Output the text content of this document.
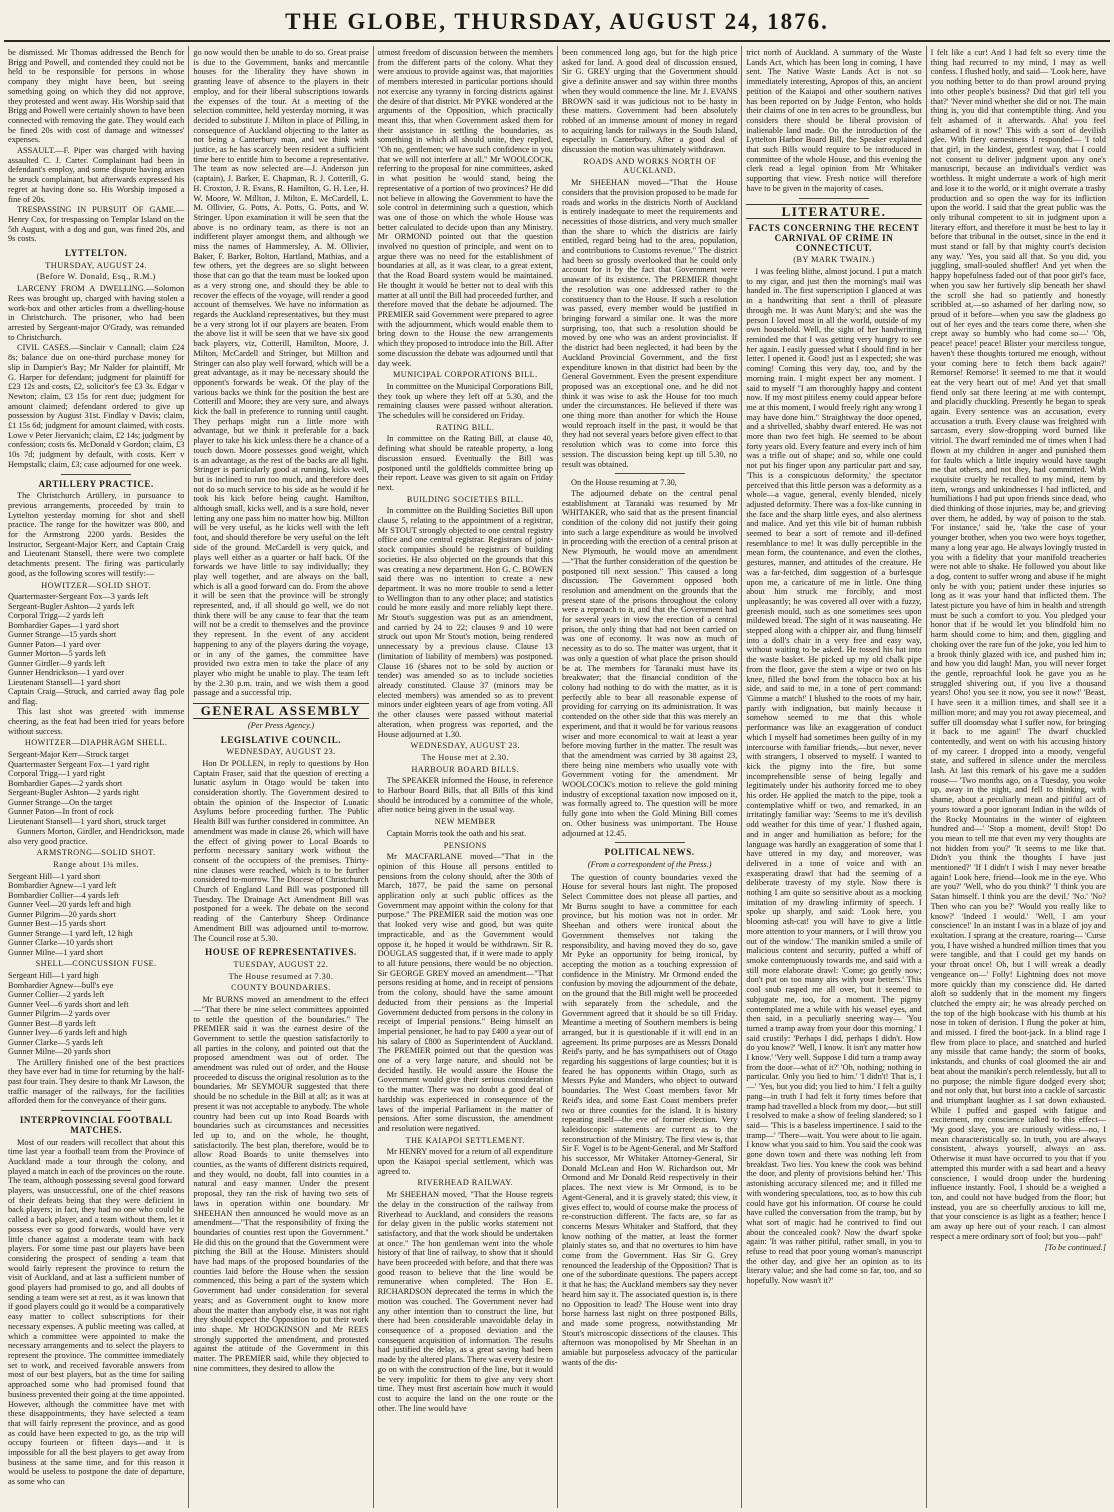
THE GLOBE, THURSDAY, AUGUST 24, 1876.

be dismissed. Mr Thomas addressed the Bench for Brigg and Powell, and contended they could not be held to be responsible for persons in whose company they might have been, but seeing something going on which they did not approve, they protested and went away. His Worship said that Brigg and Powell were certainly shown to have been connected with removing the gate. They would each be fined 20s with cost of damage and witnesses' expenses.

ASSAULT.—F. Piper was charged with having assaulted C. J. Carter. Complainant had been in defendant's employ, and some dispute having arisen he struck complainant, but afterwards expressed his regret at having done so. His Worship imposed a fine of 20s.

TRESPASSING IN PURSUIT OF GAME.—Henry Cox, for trespassing on Templar Island on the 5th August, with a dog and gun, was fined 20s, and 9s costs.

LYTTELTON.
THURSDAY, AUGUST 24.
(Before W. Donald, Esq., R.M.)

LARCENY FROM A DWELLING.—Solomon Rees was brought up, charged with having stolen a work-box and other articles from a dwelling-house in Christchurch. The prisoner, who had been arrested by Sergeant-major O'Grady, was remanded to Christchurch.

CIVIL CASES.—Sinclair v Cannall; claim £24 8s; balance due on one-third purchase money for slip in Dampier's Bay; Mr Nalder for plaintiff, Mr G. Harper for defendant; judgment for plaintiff for £23 12s and costs, £2, solicitor's fee £3 3s. Edgar v Newton; claim, £3 15s for rent due; judgment for amount claimed; defendant ordered to give up possession by August 31st. Findlay v Davis; claim, £1 15s 6d; judgment for amount claimed, with costs. Lowe v Peter Jiervanich; claim, £2 14s; judgment by confession; costs 6s. McDonald v Gordon; claim, £3 10s 7d; judgment by default, with costs. Kerr v Hempstalk; claim, £3; case adjourned for one week.

ARTILLERY PRACTICE.

The Christchurch Artillery, in pursuance to previous arrangements, proceeded by train to Lyttelton yesterday morning for shot and shell practice. The range for the howitzer was 800, and for the Armstrong 2200 yards. Besides the Instructor, Sergeant-Major Kerr, and Captain Craig and Lieutenant Stansell, there were two complete detachments present. The firing was particularly good, as the following scores will testify:—

HOWITZER—SOLID SHOT.

Quartermaster-Sergeant Fox—3 yards left
Sergeant-Bugler Ashton—2 yards left
Corporal Trigg—2 yards left
Bombardier Gapes—1 yard short
Gunner Strange—15 yards short
Gunner Paton—1 yard over
Gunner Morton—5 yards left
Gunner Girdler—9 yards left
Gunner Hendrickson—1 yard over
Lieutenant Stansell—1 yard short
Captain Craig—Struck, and carried away flag pole and flag.

This last shot was greeted with immense cheering, as the feat had been tried for years before without success.

HOWITZER—DIAPHRAGM SHELL.

Sergeant-Major Kerr—Struck target
Quartermaster Sergeant Fox—1 yard right
Corporal Trigg—1 yard right
Bombardier Gapes—2 yards short
Sergeant-Bugler Ashton—2 yards right
Gunner Strange—On the target
Gunner Paton—In front of rock
Lieutenant Stansell—1 yard short, struck target

Gunners Morton, Girdler, and Hendrickson, made also very good practice.

ARMSTRONG—SOLID SHOT.
Range about 1¼ miles.

Sergeant Hill—1 yard short
Bombardier Agnew—1 yard left
Bombardier Collier—4 yards left
Gunner Veel—20 yards left and high
Gunner Pilgrim—20 yards short
Gunner Best—15 yards short
Gunner Strange—1 yard left, 12 high
Gunner Clarke—10 yards short
Gunner Milne—1 yard short

SHELL—CONCUSSION FUSE.

Sergeant Hill—1 yard high
Bombardier Agnew—bull's eye
Gunner Collier—2 yards left
Gunner Veel—6 yards short and left
Gunner Pilgrim—2 yards over
Gunner Best—8 yards left
Gunner Ivey—6 yards left and high
Gunner Clarke—5 yards left
Gunner Milne—20 yards short

The Artillery finished one of the best practices they have ever had in time for returning by the half-past four train. They desire to thank Mr Lawson, the traffic manager of the railways, for the facilities afforded them for the conveyance of their guns.

INTERPROVINCIAL FOOTBALL MATCHES.

Most of our readers will recollect that about this time last year a football team from the Province of Auckland made a tour through the colony, and played a match in each of the provinces on the route. The team, although possessing several good forward players, was unsuccessful, one of the chief reasons of their defeats being that they were deficient in back players; in fact, they had no one who could be called a back player, and a team without them, let it possess ever so good forwards, would have very little chance against a moderate team with back players. For some time past our players have been considering the prospect of sending a team that would fairly represent the province to return the visit of Auckland, and at last a sufficient number of good players had promised to go, and all doubts of sending a team were set at rest, as it was known that if good players could go it would be a comparatively easy matter to collect subscriptions for their necessary expenses. A public meeting was called, at which a committee were appointed to make the necessary arrangements and to select the players to represent the province. The committee immediately set to work, and received favorable answers from most of our best players, but as the time for sailing approached some who had promised found that business prevented their going at the time appointed. However, although the committee have met with these disappointments, they have selected a team that will fairly represent the province, and as good as could have been expected to go, as the trip will occupy fourteen or fifteen days—and it is impossible for all the best players to get away from business at the same time, and for this reason it would be useless to postpone the date of departure, as some who can

go now would then be unable to do so. Great praise is due to the Government, banks and mercantile houses for the liberality they have shown in granting leave of absence to the players in their employ, and for their liberal subscriptions towards the expenses of the tour. At a meeting of the selection committee, held yesterday morning, it was decided to substitute J. Milton in place of Pilling, in consequence of Auckland objecting to the latter as not being a Canterbury man, and we think with justice, as he has scarcely been resident a sufficient time here to entitle him to become a representative. The team as now selected are—J. Anderson jun (captain), J. Barker, E. Chapman, R. J. Cotterill, G. H. Croxton, J. R. Evans, R. Hamilton, G. H. Lee, H. W. Moore, W. Millton, J. Milton, E. McCardell, L. M. Ollivier, G. Potts, A. Potts, G. Potts, and W. Stringer. Upon examination it will be seen that the above is no ordinary team, as there is not an indifferent player amongst them, and although we miss the names of Hammersley, A. M. Ollivier, Baker, F. Barker, Bolton, Hartland, Mathias, and a few others, yet the degrees are so slight between those that can go that the team must be looked upon as a very strong one, and should they be able to recover the effects of the voyage, will render a good account of themselves. We have no information as regards the Auckland representatives, but they must be a very strong lot if our players are beaten. From the above list it will be seen that we have six good back players, viz, Cotterill, Hamilton, Moore, J. Milton, McCardell and Stringer, but Millton and Stringer can also play well forward, which will be a great advantage, as it may be necessary should the opponent's forwards be weak. Of the play of the various backs we think for the position the best are Cotterill and Moore; they are very sure, and always kick the ball in preference to running until caught. They perhaps might run a little more with advantage, but we think it preferable for a back player to take his kick unless there be a chance of a touch down. Moore possesses good weight, which is an advantage, as the rest of the backs are all light. Stringer is particularly good at running, kicks well, but is inclined to run too much, and therefore does not do so much service to his side as he would if he took his kick before being caught. Hamilton, although small, kicks well, and is a sure hold, never letting any one pass him no matter how big. Millton will be very useful, as he kicks well with the left foot, and should therefore be very useful on the left side of the ground. McCardell is very quick, and plays well either as a quarter or half back. Of the forwards we have little to say individually; they play well together, and are always on the ball, which is all a good forward can do. From the above it will be seen that the province will be strongly represented, and, if all should go well, we do not think there will be any cause to fear that the team will not be a credit to themselves and the province they represent. In the event of any accident happening to any of the players during the voyage, or in any of the games, the committee have provided two extra men to take the place of any player who might be unable to play. The team left by the 2.30 p.m. train, and we wish them a good passage and a successful trip.

GENERAL ASSEMBLY
(Per Press Agency.)
LEGISLATIVE COUNCIL.
WEDNESDAY, AUGUST 23.

Hon Dr POLLEN, in reply to questions by Hon Captain Fraser, said that the question of erecting a lunatic asylum in Otago would be taken into consideration shortly. The Government desired to obtain the opinion of the Inspector of Lunatic Asylums before proceeding further. The Public Health Bill was further considered in committee. An amendment was made in clause 26, which will have the effect of giving power to Local Boards to perform necessary sanitary work without the consent of the occupiers of the premises. Thirty-nine clauses were reached, which is to be further considered to-morrow. The Diocese of Christchurch Church of England Land Bill was postponed till Tuesday. The Drainage Act Amendment Bill was postponed for a week. The debate on the second reading of the Canterbury Sheep Ordinance Amendment Bill was adjourned until to-morrow. The Council rose at 5.30.

HOUSE OF REPRESENTATIVES.
TUESDAY, AUGUST 22.
The House resumed at 7.30.
COUNTY BOUNDARIES.

Mr BURNS moved an amendment to the effect—"That there be nine select committees appointed to settle the question of the boundaries." The PREMIER said it was the earnest desire of the Government to settle the question satisfactorily to all parties in the colony, and pointed out that the proposed amendment was out of order. The amendment was ruled out of order, and the House proceeded to discuss the original resolution as to the boundaries. Mr SEYMOUR suggested that there should be no schedule in the Bill at all; as it was at present it was not acceptable to anybody. The whole country had been cut up into Road Boards with boundaries such as circumstances and necessities led up to, and on the whole, he thought, satisfactorily. The best plan, therefore, would be to allow Road Boards to unite themselves into counties, as the wants of different districts required, and they would, no doubt, fall into counties in a natural and easy manner. Under the present proposal, they ran the risk of having two sets of laws in operation within one boundary. Mr SHEEHAN then announced he would move as an amendment—"That the responsibility of fixing the boundaries of counties rest upon the Government." He did this on the ground that the Government were pitching the Bill at the House. Ministers should have had maps of the proposed boundaries of the counties laid before the House when the session commenced, this being a part of the system which Government had under consideration for several years; and as Government ought to know more about the matter than anybody else, it was not right they should expect the Opposition to put their work into shape. Mr HODGKINSON and Mr REES strongly supported the amendment, and protested against the attitude of the Government in this matter. The PREMIER said, while they objected to nine committees, they desired to allow the

utmost freedom of discussion between the members from the different parts of the colony. What they were anxious to provide against was, that majorities of members interested in particular portions should not exercise any tyranny in forcing districts against the desire of that district. Mr PYKE wondered at the arguments of the Opposition, which practically meant this, that when Government asked them for their assistance in settling the boundaries, as something in which all should unite, they replied, "Oh no, gentlemen; we have such confidence in you that we will not interfere at all." Mr WOOLCOCK, referring to the proposal for nine committees, asked in what position he would stand, being the representative of a portion of two provinces? He did not believe in allowing the Government to have the sole control in determining such a question, which was one of those on which the whole House was better calculated to decide upon than any Ministry. Mr ORMOND pointed out that the question involved no question of principle, and went on to argue there was no need for the establishment of boundaries at all, as it was clear, to a great extent, that the Road Board system would be maintained. He thought it would be better not to deal with this matter at all until the Bill had proceeded further, and therefore moved that the debate be adjourned. The PREMIER said Government were prepared to agree with the adjournment, which would enable them to bring down to the House the new arrangements which they proposed to introduce into the Bill. After some discussion the debate was adjourned until that day week.

MUNICIPAL CORPORATIONS BILL.

In committee on the Municipal Corporations Bill, they took up where they left off at 5.30, and the remaining clauses were passed without alteration. The schedules will be considered on Friday.

RATING BILL.

In committee on the Rating Bill, at clause 40, defining what should be rateable property, a long discussion ensued. Eventually the Bill was postponed until the goldfields committee bring up their report. Leave was given to sit again on Friday next.

BUILDING SOCIETIES BILL.

In committee on the Building Societies Bill upon clause 5, relating to the appointment of a registrar, Mr STOUT strongly objected to one central registry office and one central registrar. Registrars of joint-stock companies should be registrars of building societies. He also objected on the grounds that this was creating a new department. Hon G. C. BOWEN said there was no intention to create a new department. It was no more trouble to send a letter to Wellington than to any other place; and statistics could be more easily and more reliably kept there. Mr Stout's suggestion was put as an amendment, and carried by 24 to 22; clauses 9 and 10 were struck out upon Mr Stout's motion, being rendered unnecessary by a previous clause. Clause 13 (limitation of liability of members) was postponed. Clause 16 (shares not to be sold by auction or tender) was amended so as to include societies already constituted. Clause 37 (minors may be elected members) was amended so as to prevent minors under eighteen years of age from voting. All the other clauses were passed without material alteration, when progress was reported, and the House adjourned at 1.30.

WEDNESDAY, AUGUST 23.
The House met at 2.30.
HARBOUR BOARD BILLS.

The SPEAKER informed the House, in reference to Harbour Board Bills, that all Bills of this kind should be introduced by a committee of the whole, after notice being given in the usual way.

NEW MEMBER

Captain Morris took the oath and his seat.

PENSIONS

Mr MACFARLANE moved—"That in the opinion of this House all persons entitled to pensions from the colony should, after the 30th of March, 1877, be paid the same on personal application only at such public offices as the Government may appoint within the colony for that purpose." The PREMIER said the motion was one that looked very wise and good, but was quite impracticable, and as the Government would oppose it, he hoped it would be withdrawn. Sir R. DOUGLAS suggested that, if it were made to apply to all future pensions, there would be no objection. Sir GEORGE GREY moved an amendment—"That persons residing at home, and in receipt of pensions from the colony, should have the same amount deducted from their pensions as the Imperial Government deducted from persons in the colony in receipt of Imperial pensions." Being himself an Imperial pensioner, he had to pay £400 a year out of his salary of £800 as Superintendent of Auckland. The PREMIER pointed out that the question was one of a very large nature, and should not be decided hastily. He would assure the House the Government would give their serious consideration to the matter. There was no doubt a good deal of hardship was experienced in consequence of the laws of the imperial Parliament in the matter of pensions. After some discussion, the amendment and resolution were negatived.

THE KAIAPOI SETTLEMENT.

Mr HENRY moved for a return of all expenditure upon the Kaiapoi special settlement, which was agreed to.

RIVERHEAD RAILWAY.

Mr SHEEHAN moved, "That the House regrets the delay in the construction of the railway from Riverhead to Auckland, and considers the reasons for delay given in the public works statement not satisfactory, and that the work should be undertaken at once." The hon gentleman went into the whole history of that line of railway, to show that it should have been proceeded with before, and that there was good reason to believe that the line would be remunerative when completed. The Hon E. RICHARDSON deprecated the terms in which the motion was couched. The Government never had any other intention than to construct the line, but there had been considerable unavoidable delay in consequence of a proposed deviation and the consequent acquisition of information. The results had justified the delay, as a great saving had been made by the altered plans. There was every desire to go on with the construction of the line, but it would be very impolitic for them to give any very short time. They must first ascertain how much it would cost to acquire the land on the one route or the other. The line would have

been commenced long ago, but for the high price asked for land. A good deal of discussion ensued, Sir G. GREY urging that the Government should give a definite answer and say within three months when they would commence the line. Mr J. EVANS BROWN said it was judicious not to be hasty in these matters. Government had been absolutely robbed of an immense amount of money in regard to acquiring lands for railways in the South Island, especially in Canterbury. After a good deal of discussion the motion was ultimately withdrawn.

ROADS AND WORKS NORTH OF AUCKLAND.

Mr SHEEHAN moved—"That the House considers that the provision proposed to be made for roads and works in the districts North of Auckland is entirely inadequate to meet the requirements and necessities of those districts, and very much smaller than the share to which the districts are fairly entitled, regard being had to the area, population, and contributions to Customs revenue." The district had been so grossly overlooked that he could only account for it by the fact that Government were unaware of its existence. The PREMIER thought the resolution was one addressed rather to the constituency than to the House. If such a resolution was passed, every member would be justified in bringing forward a similar one. It was the more surprising, too, that such a resolution should be moved by one who was an ardent provincialist. If the district had been neglected, it had been by the Auckland Provincial Government, and the first expenditure known in that district had been by the General Government. Even the present expenditure proposed was an exceptional one, and he did not think it was wise to ask the House for too much under the circumstances. He believed if there was one thing more than another for which the House would reproach itself in the past, it would be that they had not several years before given effect to that resolution which was to come into force this session. The discussion being kept up till 5.30, no result was obtained.

On the House resuming at 7.30,

The adjourned debate on the central penal establishment at Taranaki was resumed by Mr WHITAKER, who said that as the present financial condition of the colony did not justify their going into such a large expenditure as would be involved in proceeding with the erection of a central prison at New Plymouth, he would move an amendment—"That the further consideration of the question be postponed till next session." This caused a long discussion. The Government opposed both resolution and amendment on the grounds that the present state of the prisons throughout the colony were a reproach to it, and that the Government had for several years in view the erection of a central prison, the only thing that had not been carried on was one of economy. It was now as much of necessity as to do so. The matter was urgent, that it was only a question of what place the prison should be at. The members for Taranaki must have its breakwater; that the financial condition of the colony had nothing to do with the matter, as it is perfectly able to bear all reasonable expense of providing for carrying on its administration. It was contended on the other side that this was merely an experiment, and that it would be for various reasons wiser and more economical to wait at least a year before moving further in the matter. The result was that the amendment was carried by 38 against 23, there being nine members who usually vote with Government voting for the amendment. Mr WOOLCOCK's motion to relieve the gold mining industry of exceptional taxation now imposed on it, was formally agreed to. The question will be more fully gone into when the Gold Mining Bill comes on. Other business was unimportant. The House adjourned at 12.45.

POLITICAL NEWS.
(From a correspondent of the Press.)

The question of county boundaries vexed the House for several hours last night. The proposed Select Committee does not please all parties, and Mr Burns sought to have a committee for each province, but his motion was not in order. Mr Sheehan and others were ironical about the Government themselves not taking the responsibility, and having moved they do so, gave Mr Pyke an opportunity for being ironical, by accepting the motion as a touching expression of confidence in the Ministry. Mr Ormond ended the confusion by moving the adjournment of the debate, on the ground that the Bill might well be proceeded with separately from the schedule, and the Government agreed that it should be so till Friday. Meantime a meeting of Southern members is being arranged, but it is questionable if it will end in an agreement. Its prime purposes are as Messrs Donald Reid's party, and he has sympathisers out of Otago regarding his suggestions of large counties; but it is feared he has opponents within Otago, such as Messrs Pyke and Manders, who object to outward boundaries. The West Coast members favor Mr Reid's idea, and some East Coast members prefer two or three counties for the island. It is history repeating itself—the eve of former election. Very kaleidoscopic statements are current as to the reconstruction of the Ministry. The first view is, that Sir F. Vogel is to be Agent-General, and Mr Stafford his successor, Mr Whitaker Attorney-General, Sir Donald McLean and Hon W. Richardson out, Mr Ormond and Mr Donald Reid respectively in their places. The next view is Mr Ormond, is to be Agent-General, and it is gravely stated; this view, it gives effect to, would of course make the process of re-construction different. The facts are, so far as concerns Messrs Whitaker and Stafford, that they know nothing of the matter, at least the former plainly states so, and that no overtures to him have come from the Government. Has Sir G. Grey renounced the leadership of the Opposition? That is one of the subordinate questions. The papers accept it that he has; the Auckland members say they never heard him say it. The associated question is, is there no Opposition to lead? The House went into dray horse harness last night on three postponed Bills, and made some progress, notwithstanding Mr Stout's microscopic dissections of the clauses. This afternoon was monopolised by Mr Sheehan in an amiable but purposeless advocacy of the particular wants of the dis-

trict north of Auckland. A summary of the Waste Lands Act, which has been long in coming, I have sent. The Native Waste Lands Act is not so immediately interesting, Apropos of this, an ancient petition of the Kaiapoi and other southern natives has been reported on by Judge Fenton, who holds their claims of one in ten acres to be groundless, but considers there should be liberal provision of inalienable land made. On the introduction of the Lyttelton Harbor Board Bill, the Speaker explained that such Bills would require to be introduced in committee of the whole House, and this evening the clerk read a legal opinion from Mr Whitaker supporting that view. Fresh notice will therefore have to be given in the majority of cases.

LITERATURE.
FACTS CONCERNING THE RECENT CARNIVAL OF CRIME IN CONNECTICUT.
(BY MARK TWAIN.)

I was feeling blithe, almost jocund. I put a match to my cigar, and just then the morning's mail was handed in. The first superscription I glanced at was in a handwriting that sent a thrill of pleasure through me. It was Aunt Mary's; and she was the person I loved most in all the world, outside of my own household. Well, the sight of her handwriting reminded me that I was getting very hungry to see her again. I easily guessed what I should find in her letter. I opened it. Good! just as I expected; she was coming! Coming this very day, too, and by the morning train. I might expect her any moment. I said to myself "I am thoroughly happy and content now. If my most pitiless enemy could appear before me at this moment, I would freely right any wrong I may have done him." Straightway the door opened, and a shrivelled, shabby dwarf entered. He was not more than two feet high. He seemed to be about forty years old. Every feature and every inch of him was a trifle out of shape; and so, while one could not put his finger upon any particular part and say, 'This is a conspicuous deformity,' the spectator perceived that this little person was a deformity as a whole—a vague, general, evenly blended, nicely adjusted deformity. There was a fox-like cunning in the face and the sharp little eyes, and also alertness and malice. And yet this vile bit of human rubbish seemed to bear a sort of remote and ill-defined resemblance to me! It was dully perceptible in the mean form, the countenance, and even the clothes, gestures, manner, and attitudes of the creature. He was a far-fetched, dim suggestion of a burlesque upon me, a caricature of me in little. One thing about him struck me forcibly, and most unpleasantly; he was covered all over with a fuzzy, greenish mould, such as one sometimes sees upon mildewed bread. The sight of it was nauseating. He stepped along with a chipper air, and flung himself into a doll's chair in a very free and easy way, without waiting to be asked. He tossed his hat into the waste basket. He picked up my old chalk pipe from the floor, gave the stem a wipe or two on his knee, filled the bowl from the tobacco box at his side, and said to me, in a tone of pert command: 'Gimme a match!' I blushed to the roots of my hair, partly with indignation, but mainly because it somehow seemed to me that this whole performance was like an exaggeration of conduct which I myself had sometimes been guilty of in my intercourse with familiar friends,—but never, never with strangers, I observed to myself. I wanted to kick the pigmy into the fire, but some incomprehensible sense of being legally and legitimately under his authority forced me to obey his order. He applied the match to the pipe, took a contemplative whiff or two, and remarked, in an irritatingly familiar way: 'Seems to me it's devilish odd weather for this time of year.' I flushed again, and in anger and humiliation as before; for the language was hardly an exaggeration of some that I have uttered in my day, and moreover, was delivered in a tone of voice and with an exasperating drawl that had the seeming of a deliberate travesty of my style. Now there is nothing I am quite so sensitive about as a mocking imitation of my drawling infirmity of speech. I spoke up sharply, and said: 'Look here, you blooming ash-cat! you will have to give a little more attention to your manners, or I will throw you out of the window.' The manikin smiled a smile of malicious content and security, puffed a whiff of smoke contemptuously towards me, and said with a still more elaborate drawl: 'Come; go gently now; don't put on too many airs with your betters.' This cool snub rasped me all over, but it seemed to subjugate me, too, for a moment. The pigmy contemplated me a while with his weasel eyes, and then said, in a peculiarly sneering way— 'You turned a tramp away from your door this morning.' I said crustily: 'Perhaps I did, perhaps I didn't. How do you know?' 'Well, I know. It isn't any matter how I know.' 'Very well. Suppose I did turn a tramp away from the door—what of it?' 'Oh, nothing; nothing in particular. Only you lied to him.' 'I didn't! That is, I—' 'Yes, but you did; you lied to him.' I felt a guilty pang—in truth I had felt it forty times before that tramp had travelled a block from my door,—but still I resolved to make a show of feeling slandered; so I said— 'This is a baseless impertinence. I said to the tramp—' 'There—wait. You were about to lie again. I know what you said to him. You said the cook was gone down town and there was nothing left from breakfast. Two lies. You knew the cook was behind the door, and plenty of provisions behind her.' This astonishing accuracy silenced me; and it filled me with wondering speculations, too, as to how this cub could have got his information. Of course he could have culled the conversation from the tramp, but by what sort of magic had he contrived to find out about the concealed cook? Now the dwarf spoke again: 'It was rather pitiful, rather small, in you to refuse to read that poor young woman's manuscript the other day, and give her an opinion as to its literary value; and she had come so far, too, and so hopefully. Now wasn't it?'

I felt like a cur! And I had felt so every time the thing had recurred to my mind, I may as well confess. I flushed hotly, and said— 'Look here, have you nothing better to do than prowl around prying into other people's business? Did that girl tell you that?' 'Never mind whether she did or not. The main thing is, you did that contemptible thing. And you felt ashamed of it afterwards. Aha! you feel ashamed of it now!' This with a sort of devilish glee. With fiery earnestness I responded— 'I told that girl, in the kindest, gentlest way, that I could not consent to deliver judgment upon any one's manuscript, because an individual's verdict was worthless. It might underrate a work of high merit and lose it to the world, or it might overrate a trashy production and so open the way for its infliction upon the world. I said that the great public was the only tribunal competent to sit in judgment upon a literary effort, and therefore it must be best to lay it before that tribunal in the outset, since in the end it must stand or fall by that mighty court's decision any way.' 'Yes, you said all that. So you did, you juggling, small-souled shuffler! And yet when the happy hopefulness faded out of that poor girl's face, when you saw her furtively slip beneath her shawl the scroll she had so patiently and honestly scribbled at,—so ashamed of her darling now, so proud of it before—when you saw the gladness go out of her eyes and the tears come there, when she crept away so humbly who had come so—' 'Oh, peace! peace! peace! Blister your merciless tongue, haven't these thoughts tortured me enough, without your coming here to fetch them back again?' Remorse! Remorse! It seemed to me that it would eat the very heart out of me! And yet that small fiend only sat there leering at me with contempt, and placidly chuckling. Presently he began to speak again. Every sentence was an accusation, every accusation a truth. Every clause was freighted with sarcasm, every slow-dropping word burned like vitriol. The dwarf reminded me of times when I had flown at my children in anger and punished them for faults which a little inquiry would have taught me that others, and not they, had committed. With exquisite cruelty he recalled to my mind, item by item, wrongs and unkindnesses I had inflicted, and humiliations I had put upon friends since dead, who died thinking of those injuries, may be, and grieving over them, he added, by way of poison to the stab. 'For instance,' said he, 'take the case of your younger brother, when you two were boys together, many a long year ago. He always lovingly trusted in you with a fidelity that your manifold treacheries were not able to shake. He followed you about like a dog, content to suffer wrong and abuse if he might only be with you; patient under these injuries so long as it was your hand that inflicted them. The latest picture you have of him in health and strength must be such a comfort to you. You pledged your honor that if he would let you blindfold him no harm should come to him; and then, giggling and choking over the rare fun of the joke, you led him to a brook thinly glazed with ice, and pushed him in; and how you did laugh! Man, you will never forget the gentle, reproachful look he gave you as he struggled shivering out, if you live a thousand years! Oho! you see it now, you see it now!' 'Beast, I have seen it a million times, and shall see it a million more; and may you rot away piecemeal, and suffer till doomsday what I suffer now, for bringing it back to me again!' The dwarf chuckled contentedly, and went on with his accusing history of my career. I dropped into a moody, vengeful state, and suffered in silence under the merciless lash. At last this remark of his gave me a sudden rouse— 'Two months ago, on a Tuesday, you woke up, away in the night, and fell to thinking, with shame, about a peculiarly mean and pitiful act of yours toward a poor ignorant Indian in the wilds of the Rocky Mountains in the winter of eighteen hundred and—' 'Stop a moment, devil! Stop! Do you mean to tell me that even my very thoughts are not hidden from you?' 'It seems to me like that. Didn't you think the thoughts I have just mentioned?' 'If I didn't I wish I may never breathe again! Look here, friend—look me in the eye. Who are you?' 'Well, who do you think?' 'I think you are Satan himself. I think you are the devil.' 'No.' 'No? Then who can you be?' 'Would you really like to know?' 'Indeed I would.' 'Well, I am your conscience!' In an instant I was in a blaze of joy and exultation. I sprang at the creature, roaring— 'Curse you, I have wished a hundred million times that you were tangible, and that I could get my hands on your throat once! Oh, but I will wreak a deadly vengeance on—' Folly! Lightning does not move more quickly than my conscience did. He darted aloft so suddenly that in the moment my fingers clutched the empty air; he was already perched on the top of the high bookcase with his thumb at his nose in token of derision. I flung the poker at him, and missed. I fired the boot-jack. In a blind rage I flew from place to place, and snatched and hurled any missile that came handy; the storm of books, inkstands, and chunks of coal gloomed the air and beat about the manikin's perch relentlessly, but all to no purpose; the nimble figure dodged every shot; and not only that, but burst into a cackle of sarcastic and triumphant laughter as I sat down exhausted. While I puffed and gasped with fatigue and excitement, my conscience talked to this effect— 'My good slave, you are curiously witless—no, I mean characteristically so. In truth, you are always consistent, always yourself, always an ass. Otherwise it must have occurred to you that if you attempted this murder with a sad heart and a heavy conscience, I would droop under the burdening influence instantly. Fool, I should be a weighed a ton, and could not have budged from the floor; but instead, you are so cheerfully anxious to kill me, that your conscience is as light as a feather; hence I am away up here out of your reach. I can almost respect a mere ordinary sort of fool; but you—pah!'

[To be continued.]
